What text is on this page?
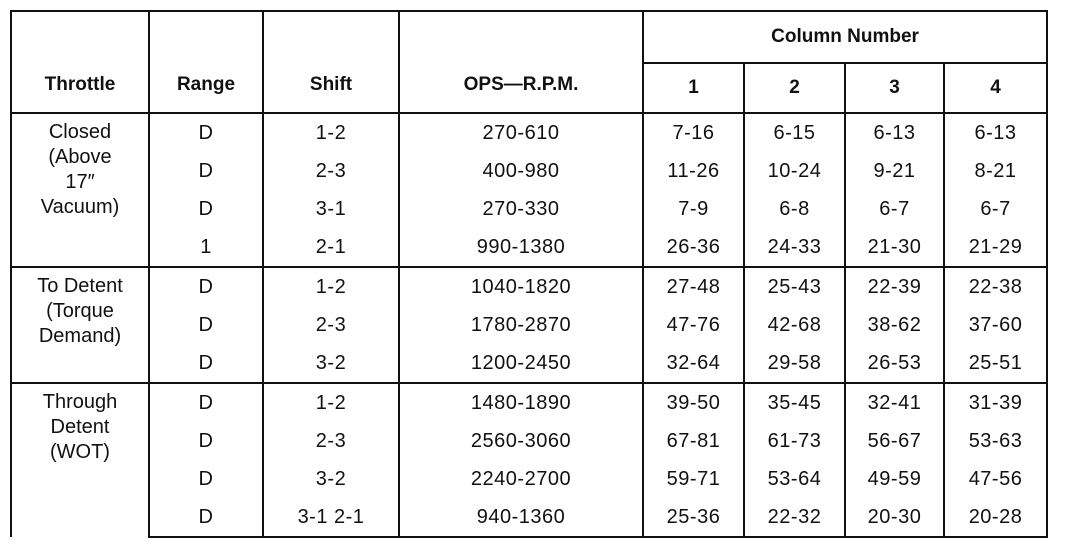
Throttle	Range	Shift	OPS—R.P.M.	Column Number			
				1	2	3	4

Closed
(Above
17″
Vacuum)	D	1-2	270-610	7-16	6-15	6-13	6-13
	D	2-3	400-980	11-26	10-24	9-21	8-21
	D	3-1	270-330	7-9	6-8	6-7	6-7
	1	2-1	990-1380	26-36	24-33	21-30	21-29

To Detent
(Torque
Demand)	D	1-2	1040-1820	27-48	25-43	22-39	22-38
	D	2-3	1780-2870	47-76	42-68	38-62	37-60
	D	3-2	1200-2450	32-64	29-58	26-53	25-51

Through
Detent
(WOT)	D	1-2	1480-1890	39-50	35-45	32-41	31-39
	D	2-3	2560-3060	67-81	61-73	56-67	53-63
	D	3-2	2240-2700	59-71	53-64	49-59	47-56
	D	3-1 2-1	940-1360	25-36	22-32	20-30	20-28
